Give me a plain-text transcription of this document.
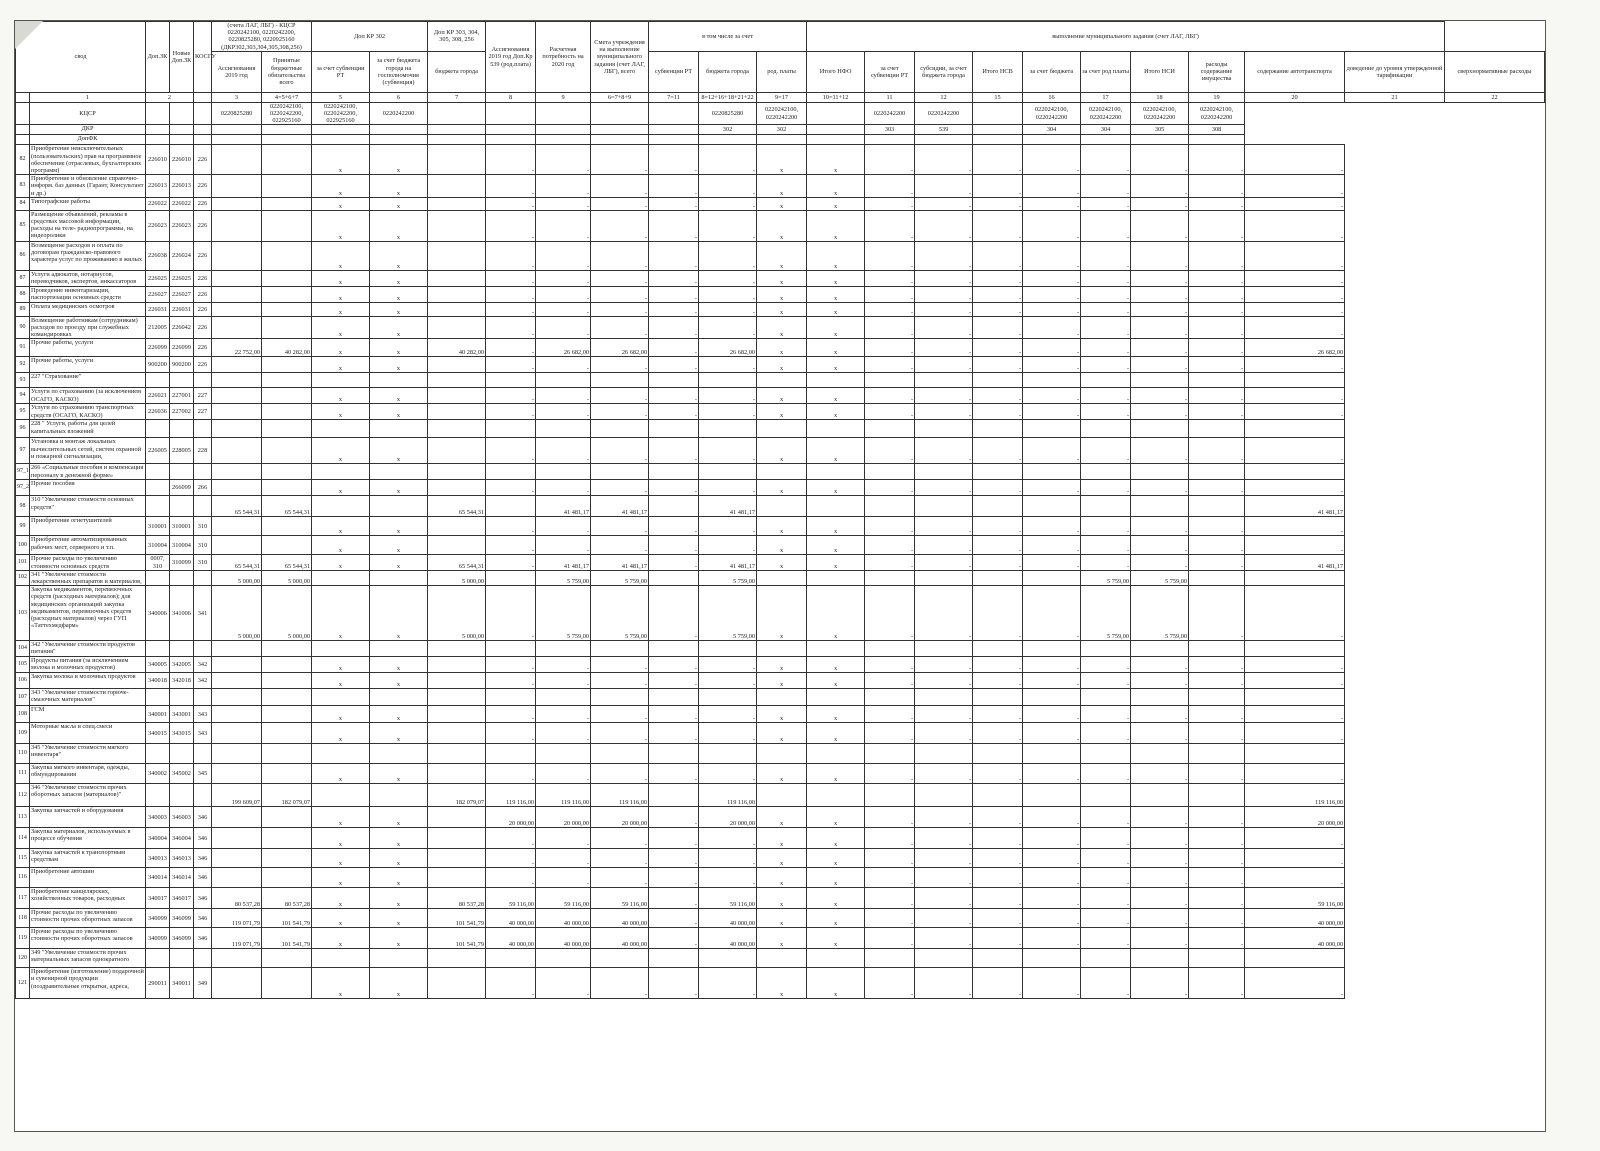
свод		Доп.ЗК	Новые Доп.ЗК	КОСГУ	(счета ЛАГ, ЛБГ) - КЦСР 0220242100, 0220242200, 0220825280, 0220925160 (ДКР302,303,304,305,308,256)		Доп КР 302		Доп КР 303, 304, 305, 308, 256	Ассигнования 2019 год Доп.Кр 539 (род.плата)	Расчетная потребность на 2020 год	Смета учреждения на выполнение муниципального задания (счет ЛАГ, ЛБГ), всего	в том числе за счет			выполнение муниципального задания (счет ЛАГ, ЛБГ)										
					Ассигнования 2019 год	Принятые бюджетные обязательства всего	за счет субвенции РТ	за счет бюджета города на госполномочия (субвенция)	бюджета города				субвенции РТ	бюджета города	род. платы	Итого НФО	за счет субвенции РТ	субсидии, за счет бюджета города	Итого НСВ	за счет бюджета	за счет род платы	Итого НСИ	расходы содержание имущества	содержание автотранспорта	доведение до уровня утвержденной тарификации	сверхнормативные расходы
	1	2			3	4=5+6+7	5	6	7	8	9	6=7+8+9	7=11	8=12+16+18+21+22	9=17	10=11+12	11	12	15	16	17	18	19	20	21	22
	КЦСР				0220825280	0220242100, 0220242200, 022925160	0220242100, 0220242200, 022925160	0220242200						0220825280	0220242100, 0220242200		0220242200	0220242200		0220242100, 0220242200	0220242100, 0220242200	0220242100, 0220242200	0220242100, 0220242200			
	ДКР													302	302		303	539		304	304	305	308			
	ДопФК																									
82	Приобретение неисключительных (пользовательских) прав на программное обеспечение (отраслевых, бухгалтерских программ)	226010	226010	226			x	x		-	-	-	-	-	x	x	-	-	-	-	-	-	-	-		
83	Приобретение и обновление справочно-информ. баз данных (Гарант, Консультант и др.)	226013	226013	226			x	x		-	-	-	-	-	x	x	-	-	-	-	-	-	-	-		
84	Типографские работы	226022	226022	226			x	x		-	-	-	-	-	x	x	-	-	-	-	-	-	-	-		
85	Размещение объявлений, рекламы в средствах массовой информации, расходы на теле- радиопрограммы, на видеоролики	226023	226023	226			x	x		-	-	-	-	-	x	x	-	-	-	-	-	-	-	-		
86	Возмещение расходов и оплата по договорам гражданско-правового характера услуг по проживанию в жилых	226038	226024	226			x	x		-	-	-	-	-	x	x	-	-	-	-	-	-	-	-		
87	Услуги адвокатов, нотариусов, переводчиков, экспертов, инкассаторов	226025	226025	226			x	x		-	-	-	-	-	x	x	-	-	-	-	-	-	-	-		
88	Проведение инвентаризации, паспортизации основных средств	226027	226027	226			x	x		-	-	-	-	-	x	x	-	-	-	-	-	-	-	-		
89	Оплата медицинских осмотров	226031	226031	226			x	x		-	-	-	-	-	x	x	-	-	-	-	-	-	-	-		
90	Возмещение работникам (сотрудникам) расходов по проезду при служебных командировках	212005	226042	226			x	x		-	-	-	-	-	x	x	-	-	-	-	-	-	-	-		
91	Прочие работы, услуги	226099	226099	226	22 752,00	40 282,00	x	x	40 282,00	-	26 682,00	26 682,00	-	26 682,00	x	x	-	-	-	-	-	-	-	26 682,00		
92	Прочие работы, услуги	900200	900200	226			x	x		-	-	-	-	-	x	x	-	-	-	-	-	-	-	-		
93	227 "Страхование"																									
94	Услуги по страхованию (за исключением ОСАГО, КАСКО)	226021	227001	227			x	x		-	-	-	-	-	x	x	-	-	-	-	-	-	-	-		
95	Услуги по страхованию транспортных средств (ОСАГО, КАСКО)	226036	227002	227			x	x		-	-	-	-	-	x	x	-	-	-	-	-	-	-	-		
96	228 " Услуги, работы для целей капитальных вложений																									
97	Установка и монтаж локальных вычислительных сетей, систем охранной и пожарной сигнализации,	226005	228005	228			x	x		-	-	-	-	-	x	x	-	-	-	-	-	-	-	-		
97_1	266 «Социальные пособия и компенсация персоналу в денежной форме»																									
97_2	Прочие пособия		266099	266			x	x		-	-	-	-	-	x	x	-	-	-	-	-	-	-	-		
98	310 "Увеличение стоимости основных средств"				65 544,31	65 544,31			65 544,31		41 481,17	41 481,17		41 481,17										41 481,17		
99	Приобретение огнетушителей	310001	310001	310			x	x		-	-	-	-	-	x	x	-	-	-	-	-	-	-	-		
100	Приобретение автоматизированных рабочих мест, серверного и т.п.	310004	310004	310			x	x		-	-	-	-	-	x	x	-	-	-	-	-	-	-	-		
101	Прочие расходы по увеличению стоимости основных средств	0007, 310	310099	310	65 544,31	65 544,31	x	x	65 544,31	-	41 481,17	41 481,17	-	41 481,17	x	x	-	-	-	-	-	-	-	41 481,17		
102	341 "Увеличение стоимости лекарственных препаратов и материалов,				5 000,00	5 000,00			5 000,00		5 759,00	5 759,00		5 759,00							5 759,00	5 759,00				
103	Закупка медикаментов, перевязочных средств (расходных материалов); для медицинских организаций закупка медикаментов, перевязочных средств (расходных материалов) через ГУП «Таттехмедфарм»	340006	341006	341	5 000,00	5 000,00	x	x	5 000,00	-	5 759,00	5 759,00	-	5 759,00	x	x	-	-	-	-	5 759,00	5 759,00	-	-		
104	342 "Увеличение стоимости продуктов питания"																									
105	Продукты питания (за исключением молока и молочных продуктов)	340005	342005	342			x	x		-	-	-	-	-	x	x	-	-	-	-	-	-	-	-		
106	Закупка молока и молочных продуктов	340018	342018	342			x	x		-	-	-	-	-	x	x	-	-	-	-	-	-	-	-		
107	343 "Увеличение стоимости горюче-смазочных материалов"																									
108	ГСМ	340001	343001	343			x	x		-	-	-	-	-	x	x	-	-	-	-	-	-	-	-		
109	Моторные масла и спец.смеси	340015	343015	343			x	x		-	-	-	-	-	x	x	-	-	-	-	-	-	-	-		
110	345 "Увеличение стоимости мягкого инвентаря"																									
111	Закупка мягкого инвентаря, одежды, обмундирования	340002	345002	345			x	x		-	-	-	-	-	x	x	-	-	-	-	-	-	-	-		
112	346 "Увеличение стоимости прочих оборотных запасов (материалов)"				199 609,07	182 079,07			182 079,07	119 116,00	119 116,00	119 116,00		119 116,00										119 116,00		
113	Закупка запчастей и оборудования	340003	346003	346			x	x		20 000,00	20 000,00	20 000,00	-	20 000,00	x	x	-	-	-	-	-	-	-	20 000,00		
114	Закупка материалов, используемых в процессе обучения	340004	346004	346			x	x		-	-	-	-	-	x	x	-	-	-	-	-	-	-	-		
115	Закупка запчастей к транспортным средствам	340013	346013	346			x	x		-	-	-	-	-	x	x	-	-	-	-	-	-	-	-		
116	Приобретение автошин	340014	346014	346			x	x		-	-	-	-	-	x	x	-	-	-	-	-	-	-	-		
117	Приобретение канцелярских, хозяйственных товаров, расходных	340017	346017	346	80 537,28	80 537,28	x	x	80 537,28	59 116,00	59 116,00	59 116,00	-	59 116,00	x	x	-	-	-	-	-	-	-	59 116,00		
118	Прочие расходы по увеличению стоимости прочих оборотных запасов	340099	346099	346	119 071,79	101 541,79	x	x	101 541,79	40 000,00	40 000,00	40 000,00	-	40 000,00	x	x	-	-	-	-	-	-	-	40 000,00		
119	Прочие расходы по увеличению стоимости прочих оборотных запасов	340099	346099	346	119 071,79	101 541,79	x	x	101 541,79	40 000,00	40 000,00	40 000,00	-	40 000,00	x	x	-	-	-	-	-	-	-	40 000,00		
120	349 "Увеличение стоимости прочих материальных запасов однократного																									
121	Приобретение (изготовление) подарочной и сувенирной продукции (поздравительные открытки, адреса,	290011	349011	349			x	x		-	-	-	-	-	x	x	-	-	-	-	-	-	-	-		
